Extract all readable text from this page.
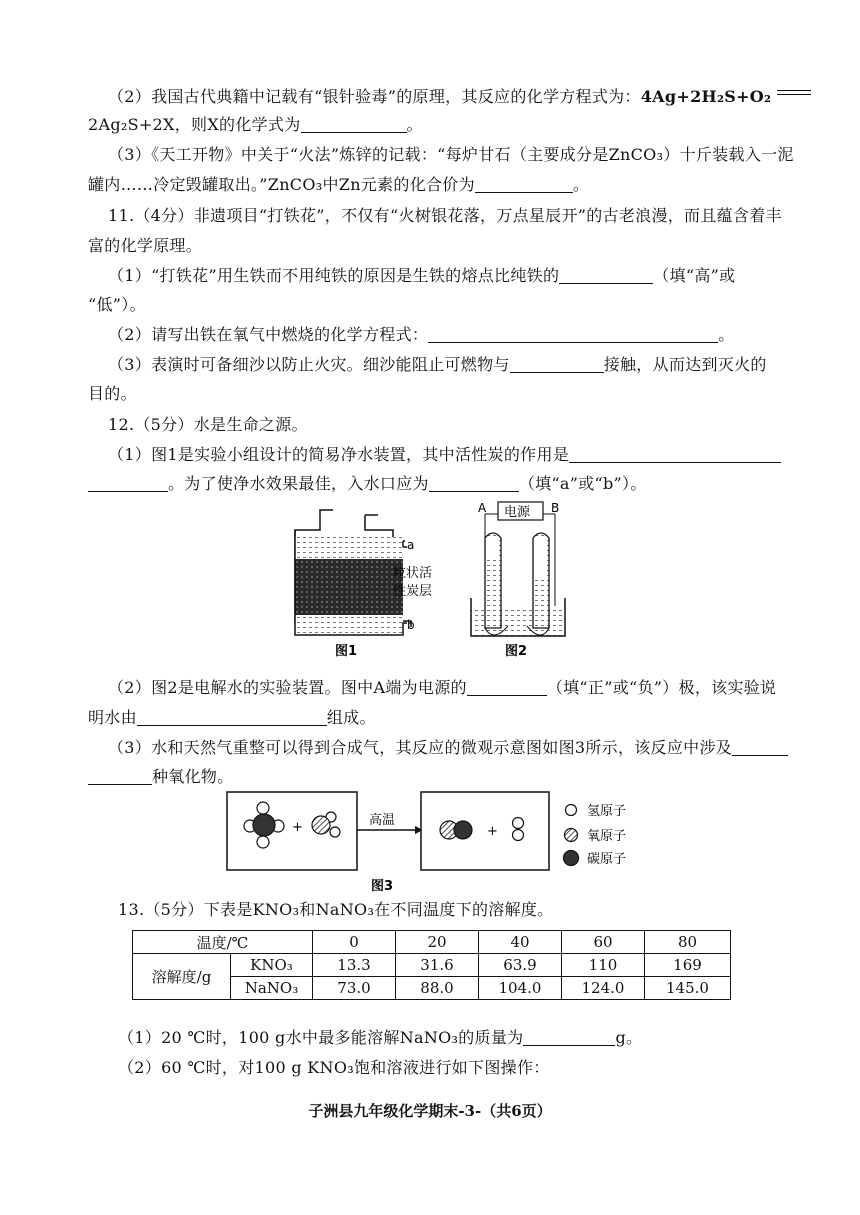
（2）我国古代典籍中记载有“银针验毒”的原理，其反应的化学方程式为：4Ag+2H₂S+O₂
2Ag₂S+2X，则X的化学式为	。
（3）《天工开物》中关于“火法”炼锌的记载：“每炉甘石（主要成分是ZnCO₃）十斤装载入一泥
罐内……冷定毁罐取出。”ZnCO₃中Zn元素的化合价为	。
11.（4分）非遗项目“打铁花”，不仅有“火树银花落，万点星辰开”的古老浪漫，而且蕴含着丰
富的化学原理。
（1）“打铁花”用生铁而不用纯铁的原因是生铁的熔点比纯铁的	（填“高”或
“低”）。
（2）请写出铁在氧气中燃烧的化学方程式：	。
（3）表演时可备细沙以防止火灾。细沙能阻止可燃物与	接触，从而达到灭火的
目的。
12.（5分）水是生命之源。
（1）图1是实验小组设计的简易净水装置，其中活性炭的作用是
。为了使净水效果最佳，入水口应为	（填“a”或“b”）。
a
b
粒状活
性炭层
图1
A	B
电源
图2
（2）图2是电解水的实验装置。图中A端为电源的	（填“正”或“负”）极，该实验说
明水由	组成。
（3）水和天然气重整可以得到合成气，其反应的微观示意图如图3所示，该反应中涉及
种氧化物。
+	高温
+
氢原子
氧原子
碳原子
图3
13.（5分）下表是KNO₃和NaNO₃在不同温度下的溶解度。
温度/℃		0	20	40	60	80
溶解度/g	KNO₃	13.3	31.6	63.9	110	169
	NaNO₃	73.0	88.0	104.0	124.0	145.0
（1）20 ℃时，100 g水中最多能溶解NaNO₃的质量为	g。
（2）60 ℃时，对100 g KNO₃饱和溶液进行如下图操作：
子洲县九年级化学期末-3-（共6页）
